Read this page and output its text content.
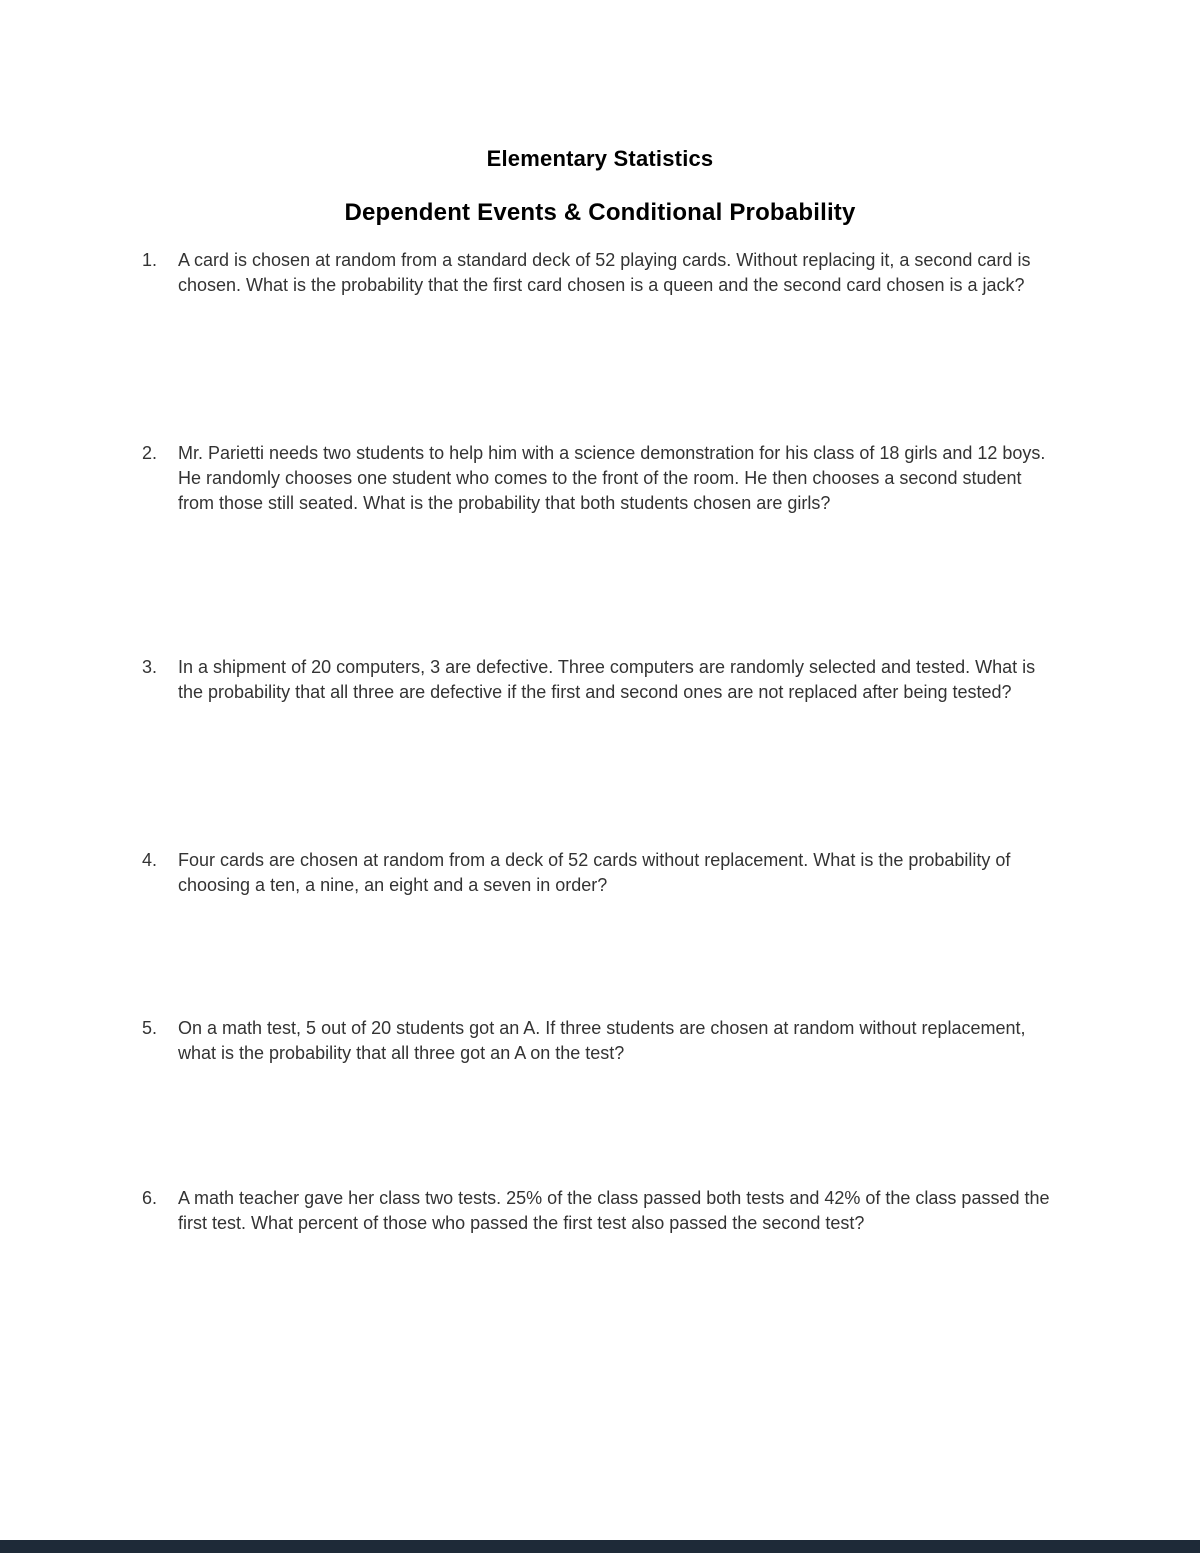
Elementary Statistics
Dependent Events & Conditional Probability
1.	A card is chosen at random from a standard deck of 52 playing cards. Without replacing it, a second card is chosen. What is the probability that the first card chosen is a queen and the second card chosen is a jack?
2.	Mr. Parietti needs two students to help him with a science demonstration for his class of 18 girls and 12 boys. He randomly chooses one student who comes to the front of the room. He then chooses a second student from those still seated. What is the probability that both students chosen are girls?
3.	In a shipment of 20 computers, 3 are defective. Three computers are randomly selected and tested. What is the probability that all three are defective if the first and second ones are not replaced after being tested?
4.	Four cards are chosen at random from a deck of 52 cards without replacement. What is the probability of choosing a ten, a nine, an eight and a seven in order?
5.	On a math test, 5 out of 20 students got an A. If three students are chosen at random without replacement, what is the probability that all three got an A on the test?
6.	A math teacher gave her class two tests. 25% of the class passed both tests and 42% of the class passed the first test. What percent of those who passed the first test also passed the second test?
